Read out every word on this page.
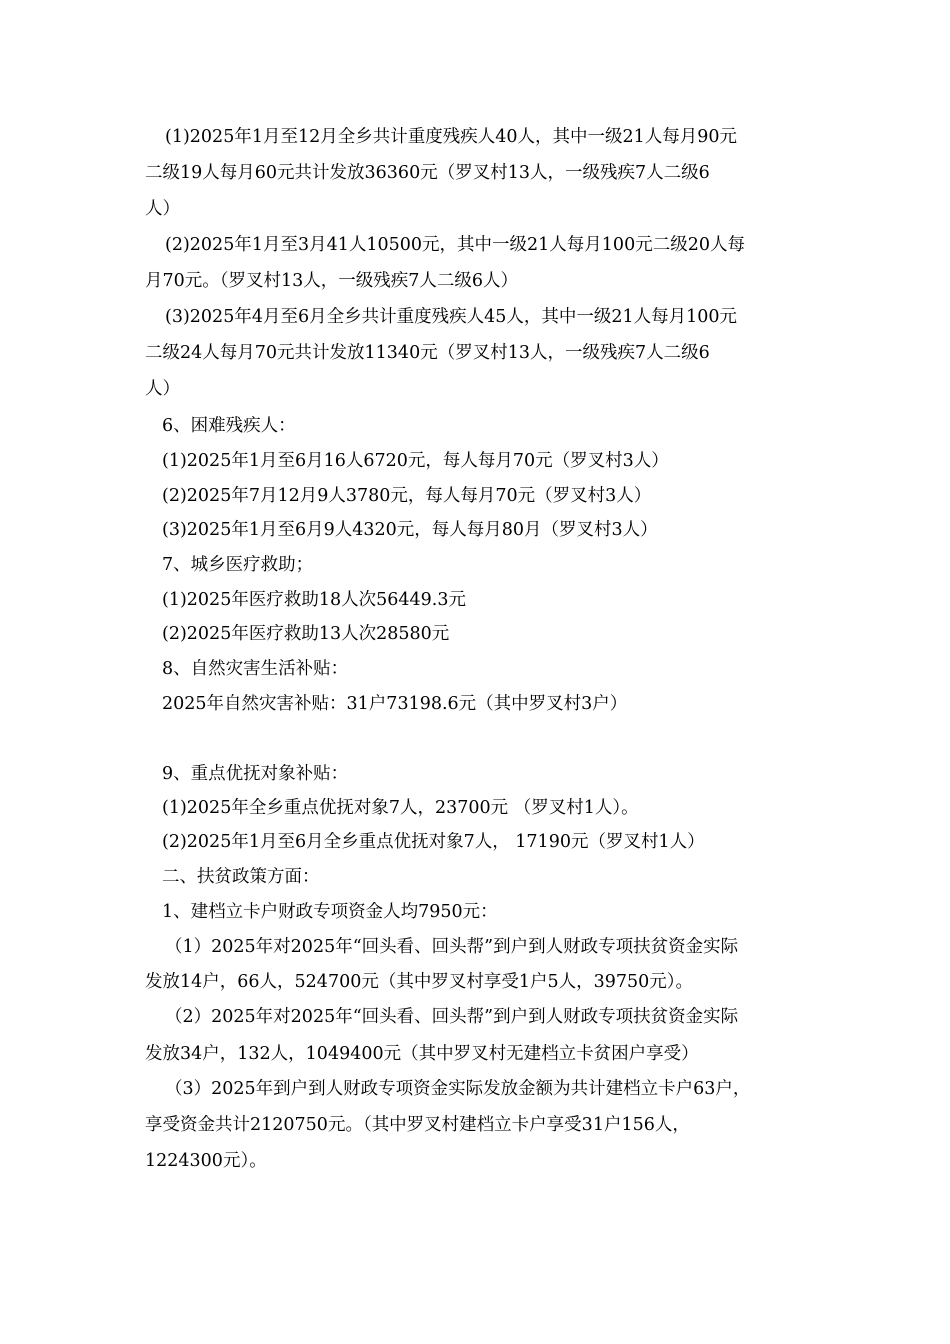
(1)2025年1月至12月全乡共计重度残疾人40人，其中一级21人每月90元

二级19人每月60元共计发放36360元（罗叉村13人，一级残疾7人二级6

人）

(2)2025年1月至3月41人10500元，其中一级21人每月100元二级20人每

月70元。（罗叉村13人，一级残疾7人二级6人）

(3)2025年4月至6月全乡共计重度残疾人45人，其中一级21人每月100元

二级24人每月70元共计发放11340元（罗叉村13人，一级残疾7人二级6

人）

6、困难残疾人：

(1)2025年1月至6月16人6720元，每人每月70元（罗叉村3人）

(2)2025年7月12月9人3780元，每人每月70元（罗叉村3人）

(3)2025年1月至6月9人4320元，每人每月80月（罗叉村3人）

7、城乡医疗救助；

(1)2025年医疗救助18人次56449.3元

(2)2025年医疗救助13人次28580元

8、自然灾害生活补贴：

2025年自然灾害补贴：31户73198.6元（其中罗叉村3户）

9、重点优抚对象补贴：

(1)2025年全乡重点优抚对象7人，23700元 （罗叉村1人）。

(2)2025年1月至6月全乡重点优抚对象7人， 17190元（罗叉村1人）

二、扶贫政策方面：

1、建档立卡户财政专项资金人均7950元：

（1）2025年对2025年“回头看、回头帮”到户到人财政专项扶贫资金实际

发放14户，66人，524700元（其中罗叉村享受1户5人，39750元）。

（2）2025年对2025年“回头看、回头帮”到户到人财政专项扶贫资金实际

发放34户，132人，1049400元（其中罗叉村无建档立卡贫困户享受）

（3）2025年到户到人财政专项资金实际发放金额为共计建档立卡户63户，

享受资金共计2120750元。（其中罗叉村建档立卡户享受31户156人，

1224300元）。
